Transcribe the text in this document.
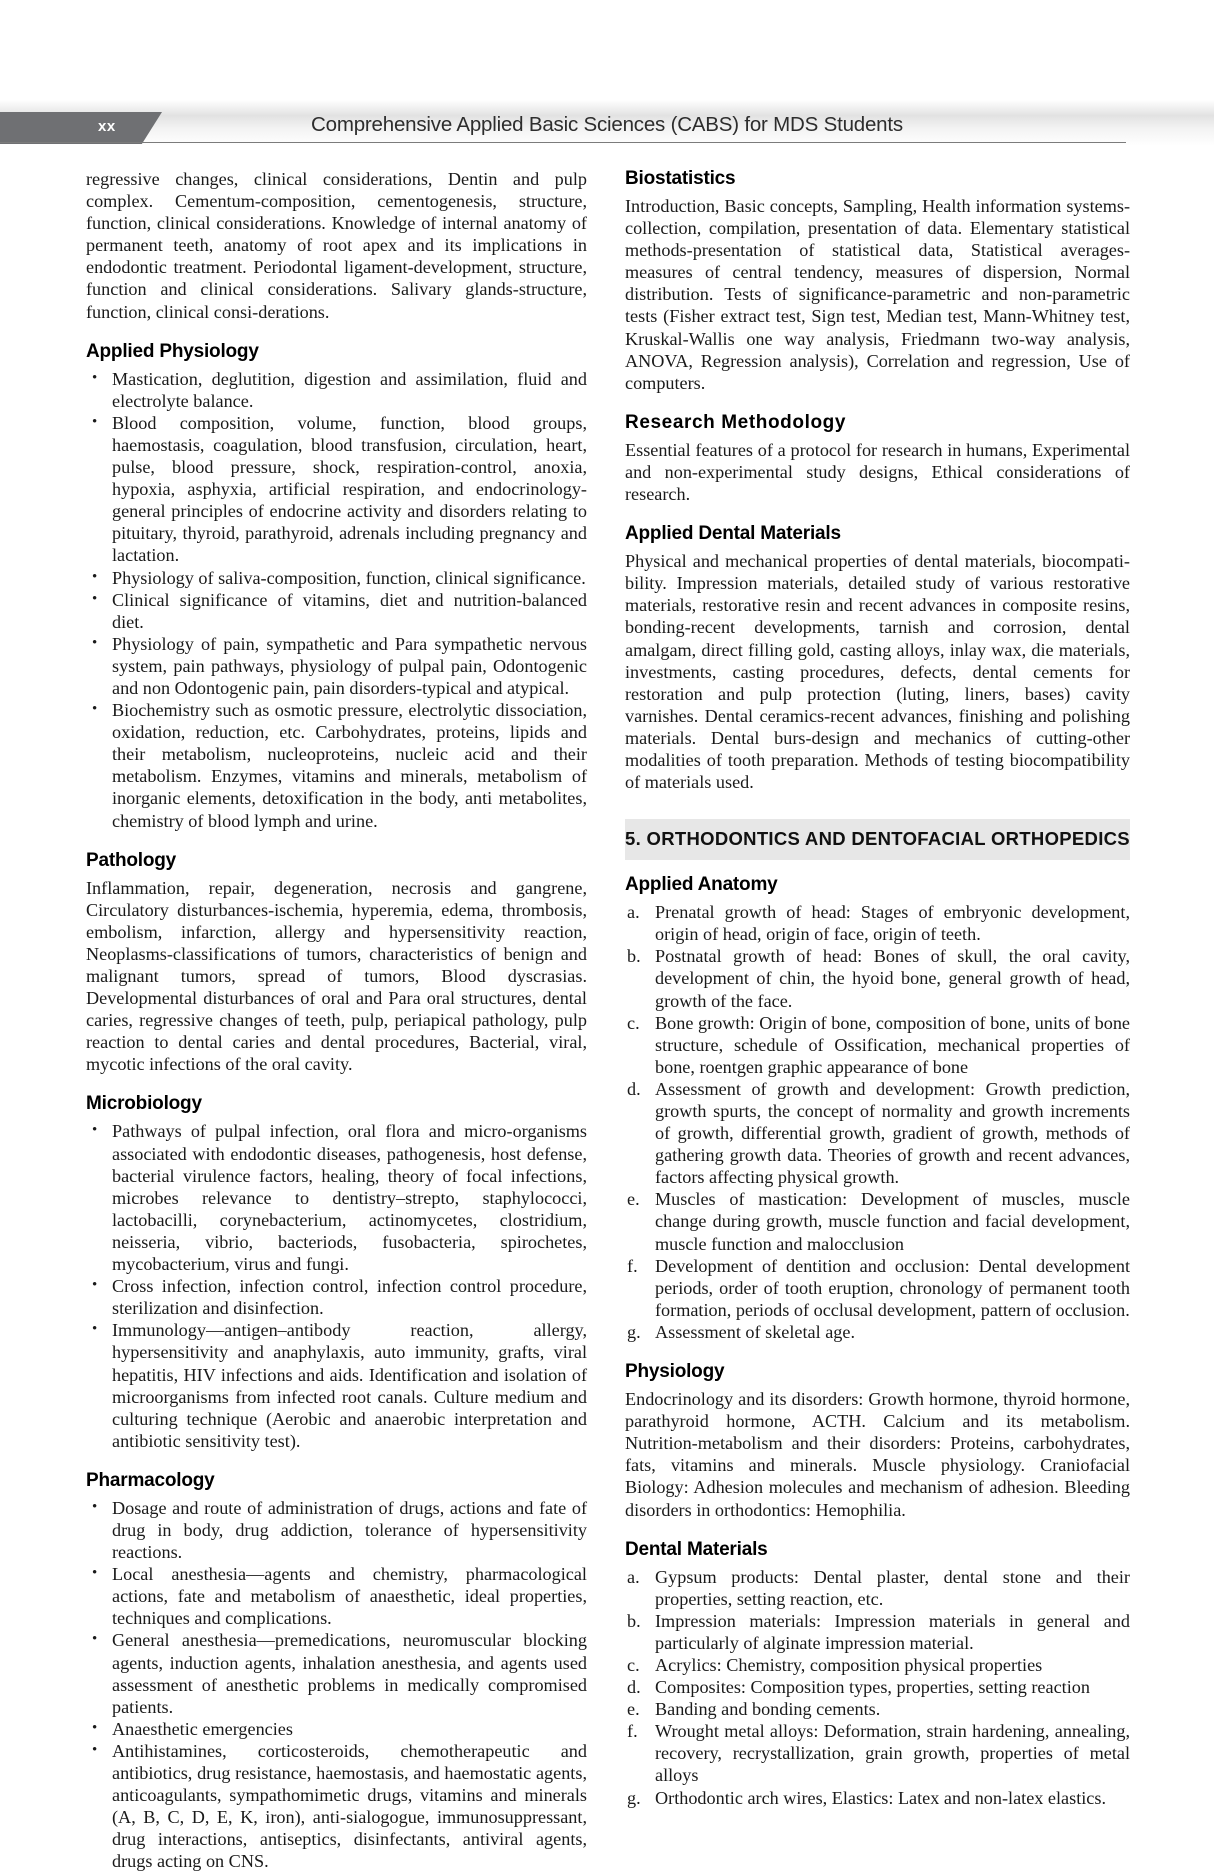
xx	Comprehensive Applied Basic Sciences (CABS) for MDS Students

regressive changes, clinical considerations, Dentin and pulp complex. Cementum-composition, cementogenesis, structure, function, clinical considerations. Knowledge of internal anatomy of permanent teeth, anatomy of root apex and its implications in endodontic treatment. Periodontal ligament-development, structure, function and clinical considerations. Salivary glands-structure, function, clinical consi-derations.

Applied Physiology
• Mastication, deglutition, digestion and assimilation, fluid and electrolyte balance.
• Blood composition, volume, function, blood groups, haemostasis, coagulation, blood transfusion, circulation, heart, pulse, blood pressure, shock, respiration-control, anoxia, hypoxia, asphyxia, artificial respiration, and endocrinology-general principles of endocrine activity and disorders relating to pituitary, thyroid, parathyroid, adrenals including pregnancy and lactation.
• Physiology of saliva-composition, function, clinical significance.
• Clinical significance of vitamins, diet and nutrition-balanced diet.
• Physiology of pain, sympathetic and Para sympathetic nervous system, pain pathways, physiology of pulpal pain, Odontogenic and non Odontogenic pain, pain disorders-typical and atypical.
• Biochemistry such as osmotic pressure, electrolytic dissociation, oxidation, reduction, etc. Carbohydrates, proteins, lipids and their metabolism, nucleoproteins, nucleic acid and their metabolism. Enzymes, vitamins and minerals, metabolism of inorganic elements, detoxification in the body, anti metabolites, chemistry of blood lymph and urine.
Pathology

Inflammation, repair, degeneration, necrosis and gangrene, Circulatory disturbances-ischemia, hyperemia, edema, thrombosis, embolism, infarction, allergy and hypersensitivity reaction, Neoplasms-classifications of tumors, characteristics of benign and malignant tumors, spread of tumors, Blood dyscrasias. Developmental disturbances of oral and Para oral structures, dental caries, regressive changes of teeth, pulp, periapical pathology, pulp reaction to dental caries and dental procedures, Bacterial, viral, mycotic infections of the oral cavity.

Microbiology
• Pathways of pulpal infection, oral flora and micro-organisms associated with endodontic diseases, pathogenesis, host defense, bacterial virulence factors, healing, theory of focal infections, microbes relevance to dentistry–strepto, staphylococci, lactobacilli, corynebacterium, actinomycetes, clostridium, neisseria, vibrio, bacteriods, fusobacteria, spirochetes, mycobacterium, virus and fungi.
• Cross infection, infection control, infection control procedure, sterilization and disinfection.
• Immunology—antigen–antibody reaction, allergy, hypersensitivity and anaphylaxis, auto immunity, grafts, viral hepatitis, HIV infections and aids. Identification and isolation of microorganisms from infected root canals. Culture medium and culturing technique (Aerobic and anaerobic interpretation and antibiotic sensitivity test).
Pharmacology
• Dosage and route of administration of drugs, actions and fate of drug in body, drug addiction, tolerance of hypersensitivity reactions.
• Local anesthesia—agents and chemistry, pharmacological actions, fate and metabolism of anaesthetic, ideal properties, techniques and complications.
• General anesthesia—premedications, neuromuscular blocking agents, induction agents, inhalation anesthesia, and agents used assessment of anesthetic problems in medically compromised patients.
• Anaesthetic emergencies
• Antihistamines, corticosteroids, chemotherapeutic and antibiotics, drug resistance, haemostasis, and haemostatic agents, anticoagulants, sympathomimetic drugs, vitamins and minerals (A, B, C, D, E, K, iron), anti-sialogogue, immunosuppressant, drug interactions, antiseptics, disinfectants, antiviral agents, drugs acting on CNS.
Biostatistics

Introduction, Basic concepts, Sampling, Health information systems-collection, compilation, presentation of data. Elementary statistical methods-presentation of statistical data, Statistical averages-measures of central tendency, measures of dispersion, Normal distribution. Tests of significance-parametric and non-parametric tests (Fisher extract test, Sign test, Median test, Mann-Whitney test, Kruskal-Wallis one way analysis, Friedmann two-way analysis, ANOVA, Regression analysis), Correlation and regression, Use of computers.

Research Methodology

Essential features of a protocol for research in humans, Experimental and non-experimental study designs, Ethical considerations of research.

Applied Dental Materials

Physical and mechanical properties of dental materials, biocompati-bility. Impression materials, detailed study of various restorative materials, restorative resin and recent advances in composite resins, bonding-recent developments, tarnish and corrosion, dental amalgam, direct filling gold, casting alloys, inlay wax, die materials, investments, casting procedures, defects, dental cements for restoration and pulp protection (luting, liners, bases) cavity varnishes. Dental ceramics-recent advances, finishing and polishing materials. Dental burs-design and mechanics of cutting-other modalities of tooth preparation. Methods of testing biocompatibility of materials used.

5. ORTHODONTICS AND DENTOFACIAL ORTHOPEDICS
Applied Anatomy
Prenatal growth of head: Stages of embryonic development, origin of head, origin of face, origin of teeth.
Postnatal growth of head: Bones of skull, the oral cavity, development of chin, the hyoid bone, general growth of head, growth of the face.
Bone growth: Origin of bone, composition of bone, units of bone structure, schedule of Ossification, mechanical properties of bone, roentgen graphic appearance of bone
Assessment of growth and development: Growth prediction, growth spurts, the concept of normality and growth increments of growth, differential growth, gradient of growth, methods of gathering growth data. Theories of growth and recent advances, factors affecting physical growth.
Muscles of mastication: Development of muscles, muscle change during growth, muscle function and facial development, muscle function and malocclusion
Development of dentition and occlusion: Dental development periods, order of tooth eruption, chronology of permanent tooth formation, periods of occlusal development, pattern of occlusion.
Assessment of skeletal age.
Physiology

Endocrinology and its disorders: Growth hormone, thyroid hormone, parathyroid hormone, ACTH. Calcium and its metabolism. Nutrition-metabolism and their disorders: Proteins, carbohydrates, fats, vitamins and minerals. Muscle physiology. Craniofacial Biology: Adhesion molecules and mechanism of adhesion. Bleeding disorders in orthodontics: Hemophilia.

Dental Materials
Gypsum products: Dental plaster, dental stone and their properties, setting reaction, etc.
Impression materials: Impression materials in general and particularly of alginate impression material.
Acrylics: Chemistry, composition physical properties
Composites: Composition types, properties, setting reaction
Banding and bonding cements.
Wrought metal alloys: Deformation, strain hardening, annealing, recovery, recrystallization, grain growth, properties of metal alloys
Orthodontic arch wires, Elastics: Latex and non-latex elastics.
